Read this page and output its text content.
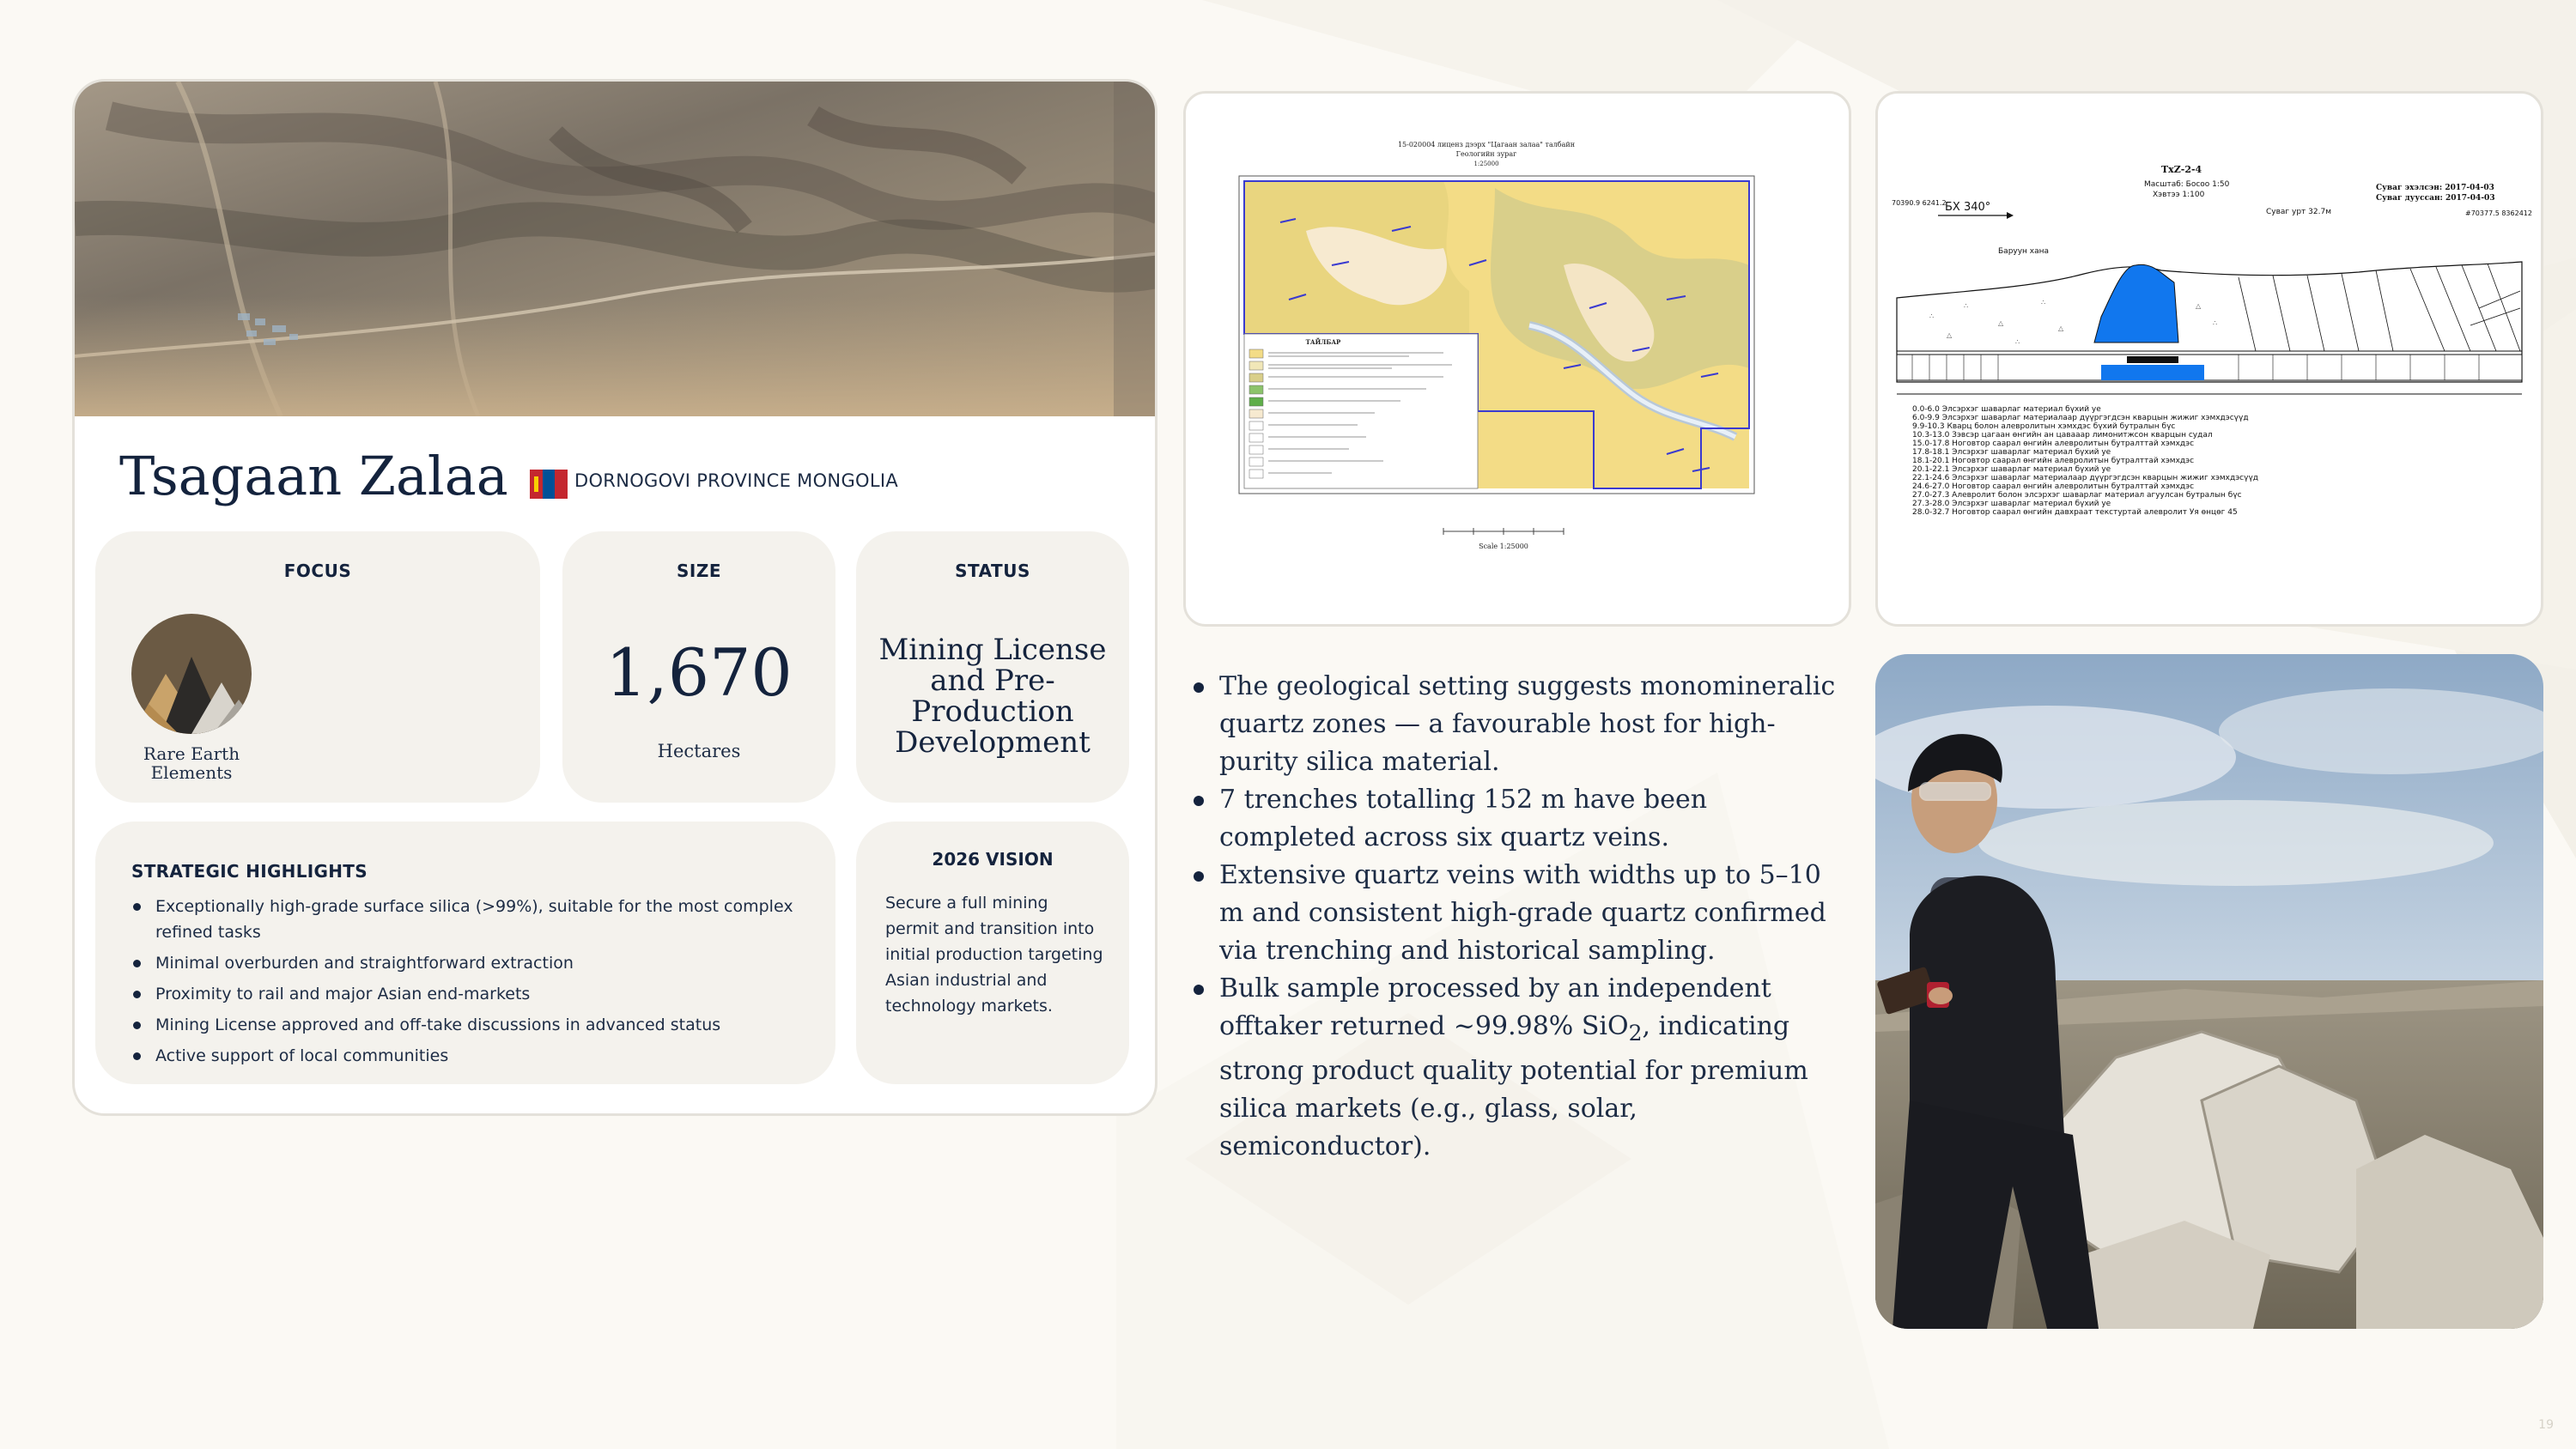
Tsagaan Zalaa	DORNOGOVI PROVINCE MONGOLIA
FOCUS
Rare Earth Elements
SIZE
1,670
Hectares
STATUS
Mining License and Pre-Production Development
STRATEGIC HIGHLIGHTS
Exceptionally high-grade surface silica (>99%), suitable for the most complex refined tasks
Minimal overburden and straightforward extraction
Proximity to rail and major Asian end-markets
Mining License approved and off-take discussions in advanced status
Active support of local communities
2026 VISION
Secure a full mining permit and transition into initial production targeting Asian industrial and technology markets.
15-020004 лиценз дээрх "Цагаан залаа" талбайн
Геологийн зураг
1:25000
ТАЙЛБАР
Scale 1:25000
TxZ-2-4
Масштаб: Босоо 1:50
Хэвтээ 1:100
Суваг эхэлсэн: 2017-04-03
Суваг дууссан: 2017-04-03
70390.9 6241.2
#70377.5 8362412
БХ 340°	Суваг урт 32.7м
Баруун хана
∴
∴
△
∴
△
△
∴
△
∴
0.0-6.0 Элсэрхэг шаварлаг материал бүхий уе
6.0-9.9 Элсэрхэг шаварлаг материалаар дүүргэгдсэн кварцын жижиг хэмхдэсүүд
9.9-10.3 Кварц болон алевролитын хэмхдэс бүхий бутралын бүс
10.3-13.0 Зэвсэр цагаан өнгийн ан цавааар лимонитжсон кварцын судал
15.0-17.8 Ноговтор саарал өнгийн алевролитын бутралттай хэмхдэс
17.8-18.1 Элсэрхэг шаварлаг материал бүхий уе
18.1-20.1 Ноговтор саарал өнгийн алевролитын бутралттай хэмхдэс
20.1-22.1 Элсэрхэг шаварлаг материал бүхий уе
22.1-24.6 Элсэрхэг шаварлаг материалаар дүүргэгдсэн кварцын жижиг хэмхдэсүүд
24.6-27.0 Ноговтор саарал өнгийн алевролитын бутралттай хэмхдэс
27.0-27.3 Алевролит болон элсэрхэг шаварлаг материал агуулсан бутралын бүс
27.3-28.0 Элсэрхэг шаварлаг материал бүхий уе
28.0-32.7 Ноговтор саарал өнгийн давхраат текстуртай алевролит Уя өнцөг 45
The geological setting suggests monomineralic quartz zones — a favourable host for high-purity silica material.
7 trenches totalling 152 m have been completed across six quartz veins.
Extensive quartz veins with widths up to 5–10 m and consistent high-grade quartz confirmed via trenching and historical sampling.
Bulk sample processed by an independent offtaker returned ~99.98% SiO$_2$, indicating strong product quality potential for premium silica markets (e.g., glass, solar, semiconductor).
19
